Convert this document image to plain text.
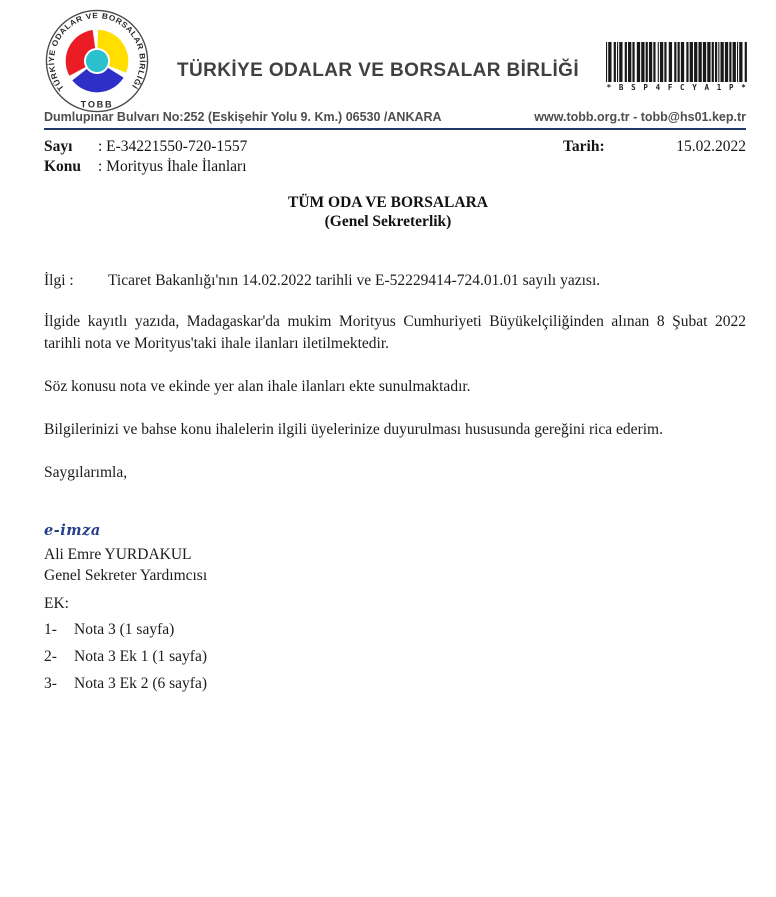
TÜRKİYE ODALAR VE BORSALAR BİRLİĞİ
TOBB
TÜRKİYE ODALAR VE BORSALAR BİRLİĞİ
* B S P 4 F C Y A 1 P *
Dumlupınar Bulvarı No:252 (Eskişehir Yolu 9. Km.) 06530 /ANKARA	www.tobb.org.tr - tobb@hs01.kep.tr
Sayı	: E-34221550-720-1557	Tarih:	15.02.2022
Konu	: Morityus İhale İlanları
TÜM ODA VE BORSALARA
(Genel Sekreterlik)
İlgi :	Ticaret Bakanlığı'nın 14.02.2022 tarihli ve E-52229414-724.01.01 sayılı yazısı.

İlgide kayıtlı yazıda, Madagaskar'da mukim Morityus Cumhuriyeti Büyükelçiliğinden alınan 8 Şubat 2022 tarihli nota ve Morityus'taki ihale ilanları iletilmektedir.

Söz konusu nota ve ekinde yer alan ihale ilanları ekte sunulmaktadır.

Bilgilerinizi ve bahse konu ihalelerin ilgili üyelerinize duyurulması hususunda gereğini rica ederim.

Saygılarımla,

e-imza
Ali Emre YURDAKUL
Genel Sekreter Yardımcısı
EK:
1-	Nota 3 (1 sayfa)
2-	Nota 3 Ek 1 (1 sayfa)
3-	Nota 3 Ek 2 (6 sayfa)
